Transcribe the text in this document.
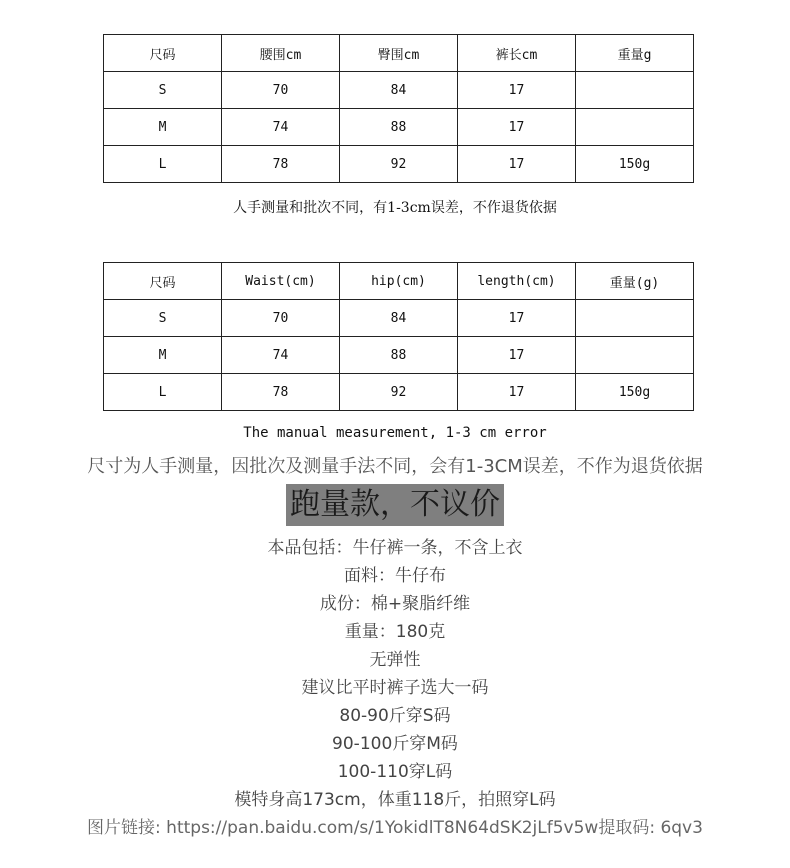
尺码	腰围cm	臀围cm	裤长cm	重量g
S	70	84	17	
M	74	88	17	
L	78	92	17	150g
人手测量和批次不同，有1-3cm误差，不作退货依据
尺码	Waist(cm)	hip(cm)	length(cm)	重量(g)
S	70	84	17	
M	74	88	17	
L	78	92	17	150g
The manual measurement, 1-3 cm error
尺寸为人手测量，因批次及测量手法不同，会有1-3CM误差，不作为退货依据
跑量款，不议价
本品包括：牛仔裤一条，不含上衣
面料：牛仔布
成份：棉+聚脂纤维
重量：180克
无弹性
建议比平时裤子选大一码
80-90斤穿S码
90-100斤穿M码
100-110穿L码
模特身高173cm，体重118斤，拍照穿L码
图片链接: https://pan.baidu.com/s/1YokidlT8N64dSK2jLf5v5w提取码: 6qv3
